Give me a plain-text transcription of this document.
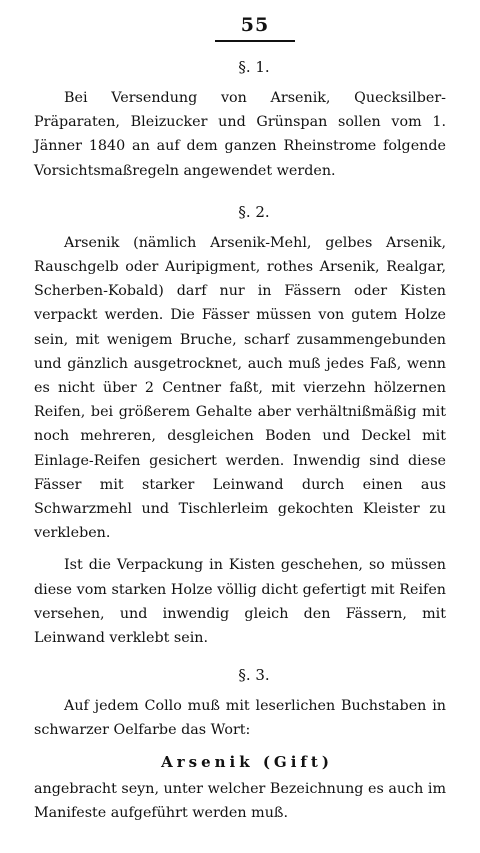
55
§. 1.

Bei Versendung von Arsenik, Quecksilber-Präparaten, Bleizucker und Grünspan sollen vom 1. Jänner 1840 an auf dem ganzen Rheinstrome folgende Vorsichtsmaßregeln angewendet werden.

§. 2.

Arsenik (nämlich Arsenik-Mehl, gelbes Arsenik, Rauschgelb oder Auripigment, rothes Arsenik, Realgar, Scherben-Kobald) darf nur in Fässern oder Kisten verpackt werden. Die Fässer müssen von gutem Holze sein, mit wenigem Bruche, scharf zusammengebunden und gänzlich ausgetrocknet, auch muß jedes Faß, wenn es nicht über 2 Centner faßt, mit vierzehn hölzernen Reifen, bei größerem Gehalte aber verhältnißmäßig mit noch mehreren, desgleichen Boden und Deckel mit Einlage-Reifen gesichert werden. Inwendig sind diese Fässer mit starker Leinwand durch einen aus Schwarzmehl und Tischlerleim gekochten Kleister zu verkleben.

Ist die Verpackung in Kisten geschehen, so müssen diese vom starken Holze völlig dicht gefertigt mit Reifen versehen, und inwendig gleich den Fässern, mit Leinwand verklebt sein.

§. 3.

Auf jedem Collo muß mit leserlichen Buchstaben in schwarzer Oelfarbe das Wort:

Arsenik (Gift)

angebracht seyn, unter welcher Bezeichnung es auch im Manifeste aufgeführt werden muß.
